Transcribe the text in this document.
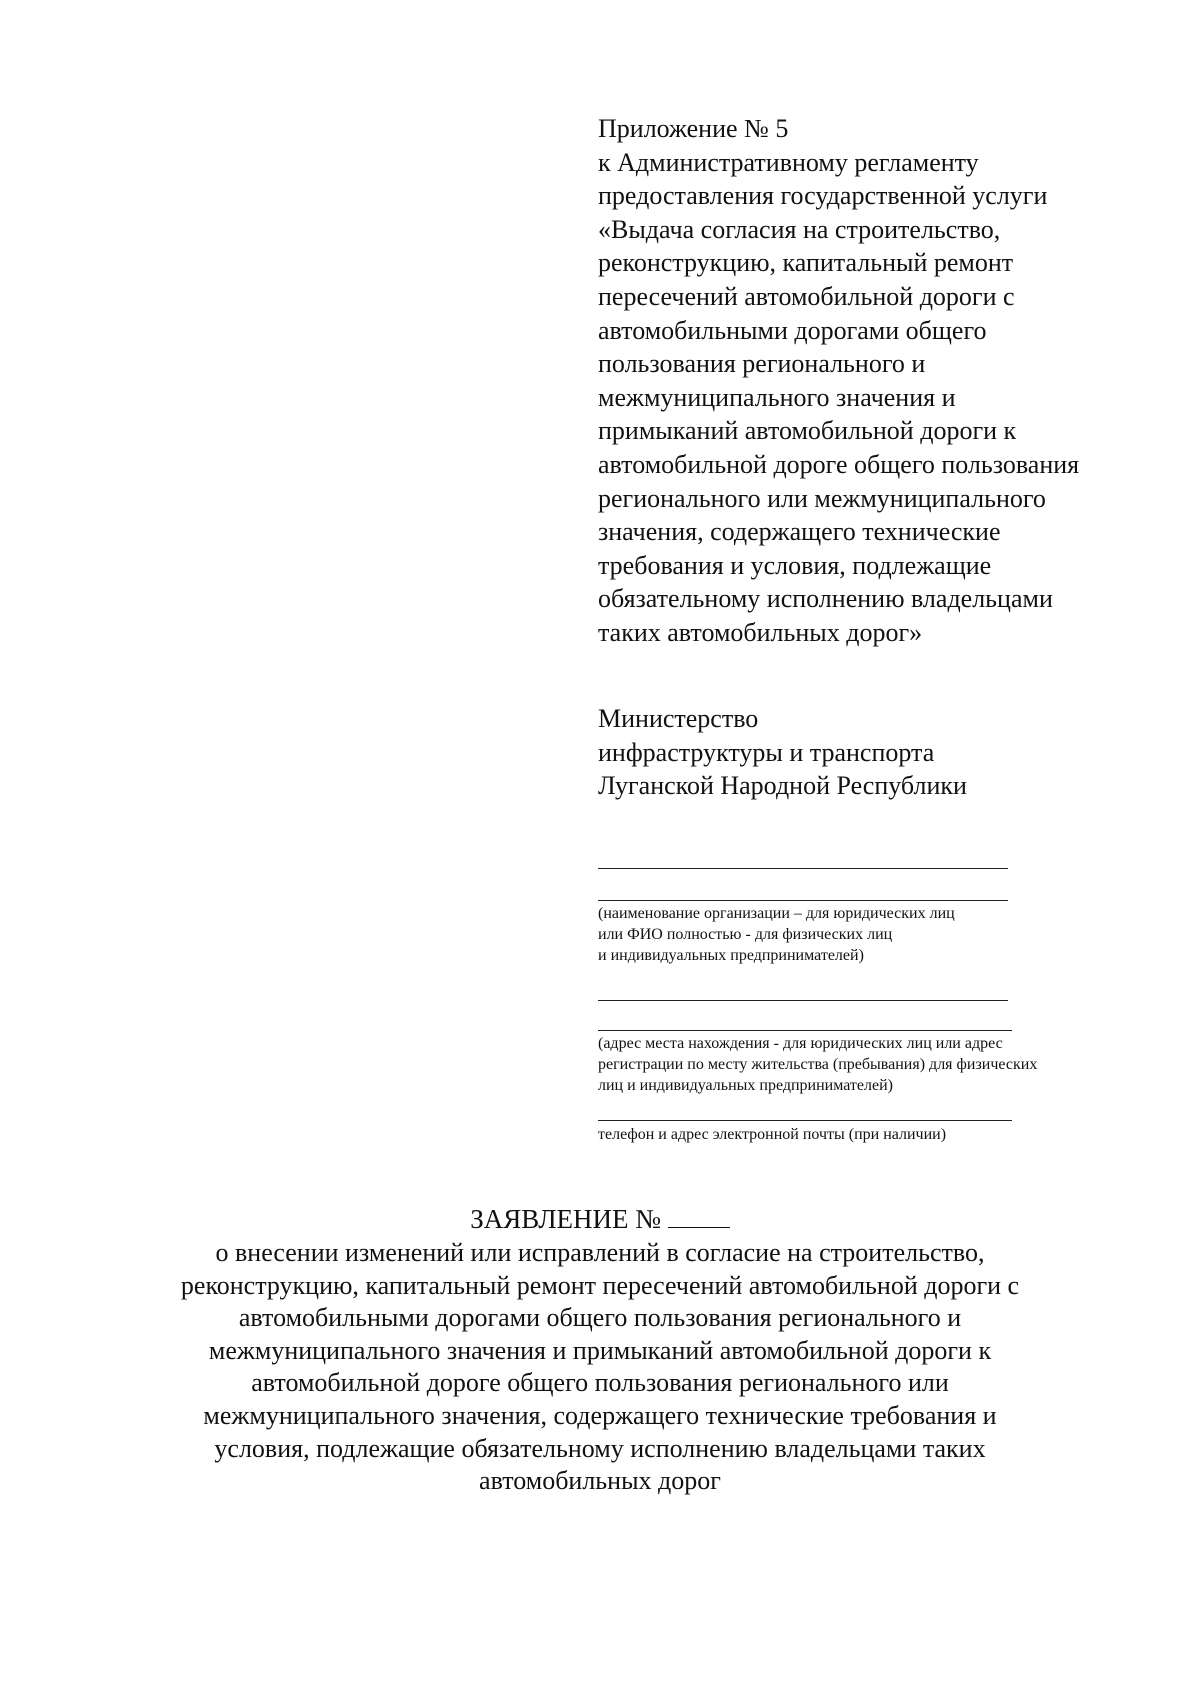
Приложение № 5
к Административному регламенту
предоставления государственной услуги
«Выдача согласия на строительство,
реконструкцию, капитальный ремонт
пересечений автомобильной дороги с
автомобильными дорогами общего
пользования регионального и
межмуниципального значения и
примыканий автомобильной дороги к
автомобильной дороге общего пользования
регионального или межмуниципального
значения, содержащего технические
требования и условия, подлежащие
обязательному исполнению владельцами
таких автомобильных дорог»
Министерство
инфраструктуры и транспорта
Луганской Народной Республики
(наименование организации – для юридических лиц
или ФИО полностью - для физических лиц
и индивидуальных предпринимателей)
(адрес места нахождения - для юридических лиц или адрес
регистрации по месту жительства (пребывания) для физических
лиц и индивидуальных предпринимателей)
телефон и адрес электронной почты (при наличии)
ЗАЯВЛЕНИЕ №
о внесении изменений или исправлений в согласие на строительство,
реконструкцию, капитальный ремонт пересечений автомобильной дороги с
автомобильными дорогами общего пользования регионального и
межмуниципального значения и примыканий автомобильной дороги к
автомобильной дороге общего пользования регионального или
межмуниципального значения, содержащего технические требования и
условия, подлежащие обязательному исполнению владельцами таких
автомобильных дорог
